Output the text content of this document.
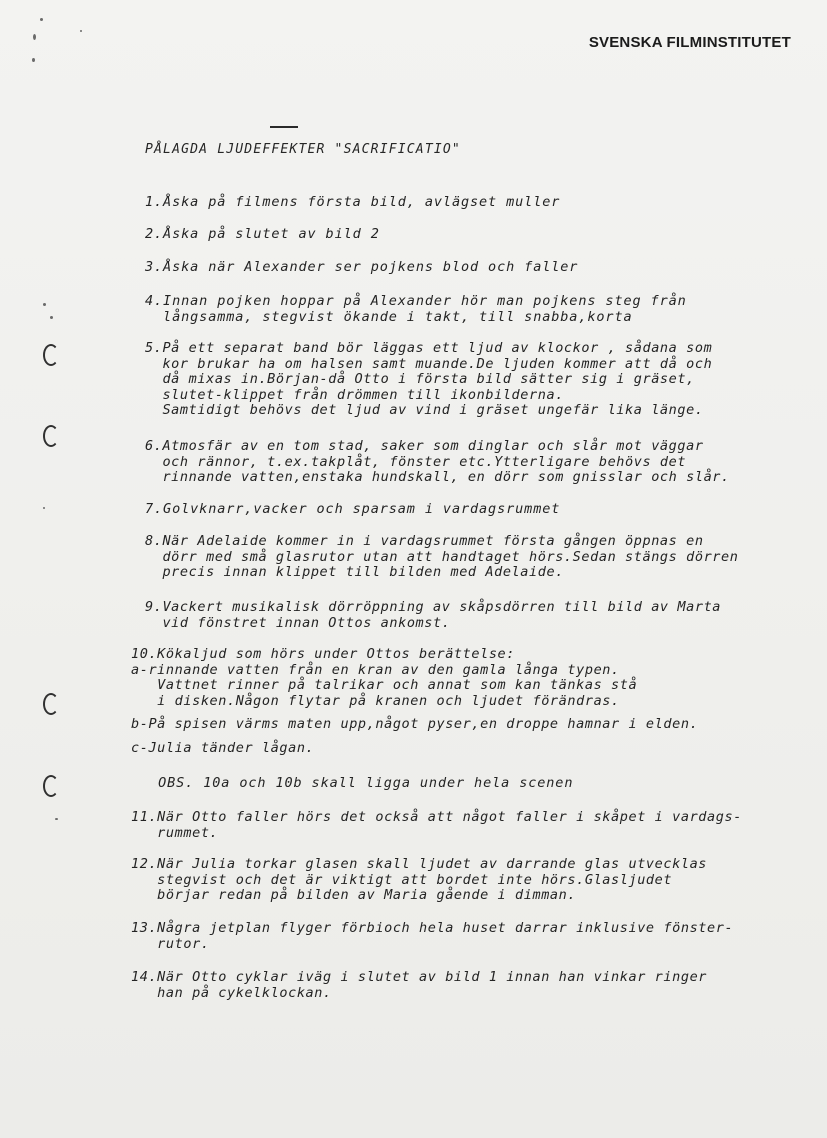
SVENSKA FILMINSTITUTET
PÅLAGDA LJUDEFFEKTER "SACRIFICATIO"
1.Åska på filmens första bild, avlägset muller
2.Åska på slutet av bild 2
3.Åska när Alexander ser pojkens blod och faller
4.Innan pojken hoppar på Alexander hör man pojkens steg från
långsamma, stegvist ökande i takt, till snabba,korta
5.På ett separat band bör läggas ett ljud av klockor , sådana som
kor brukar ha om halsen samt muande.De ljuden kommer att då och
då mixas in.Början-då Otto i första bild sätter sig i gräset,
slutet-klippet från drömmen till ikonbilderna.
Samtidigt behövs det ljud av vind i gräset ungefär lika länge.
6.Atmosfär av en tom stad, saker som dinglar och slår mot väggar
och rännor, t.ex.takplåt, fönster etc.Ytterligare behövs det
rinnande vatten,enstaka hundskall, en dörr som gnisslar och slår.
7.Golvknarr,vacker och sparsam i vardagsrummet
8.När Adelaide kommer in i vardagsrummet första gången öppnas en
dörr med små glasrutor utan att handtaget hörs.Sedan stängs dörren
precis innan klippet till bilden med Adelaide.
9.Vackert musikalisk dörröppning av skåpsdörren till bild av Marta
vid fönstret innan Ottos ankomst.
10.Kökaljud som hörs under Ottos berättelse:
a-rinnande vatten från en kran av den gamla långa typen.
Vattnet rinner på talrikar och annat som kan tänkas stå
i disken.Någon flytar på kranen och ljudet förändras.
b-På spisen värms maten upp,något pyser,en droppe hamnar i elden.
c-Julia tänder lågan.
OBS. 10a och 10b skall ligga under hela scenen
11.När Otto faller hörs det också att något faller i skåpet i vardags-
rummet.
12.När Julia torkar glasen skall ljudet av darrande glas utvecklas
stegvist och det är viktigt att bordet inte hörs.Glasljudet
börjar redan på bilden av Maria gående i dimman.
13.Några jetplan flyger förbioch hela huset darrar inklusive fönster-
rutor.
14.När Otto cyklar iväg i slutet av bild 1 innan han vinkar ringer
han på cykelklockan.
